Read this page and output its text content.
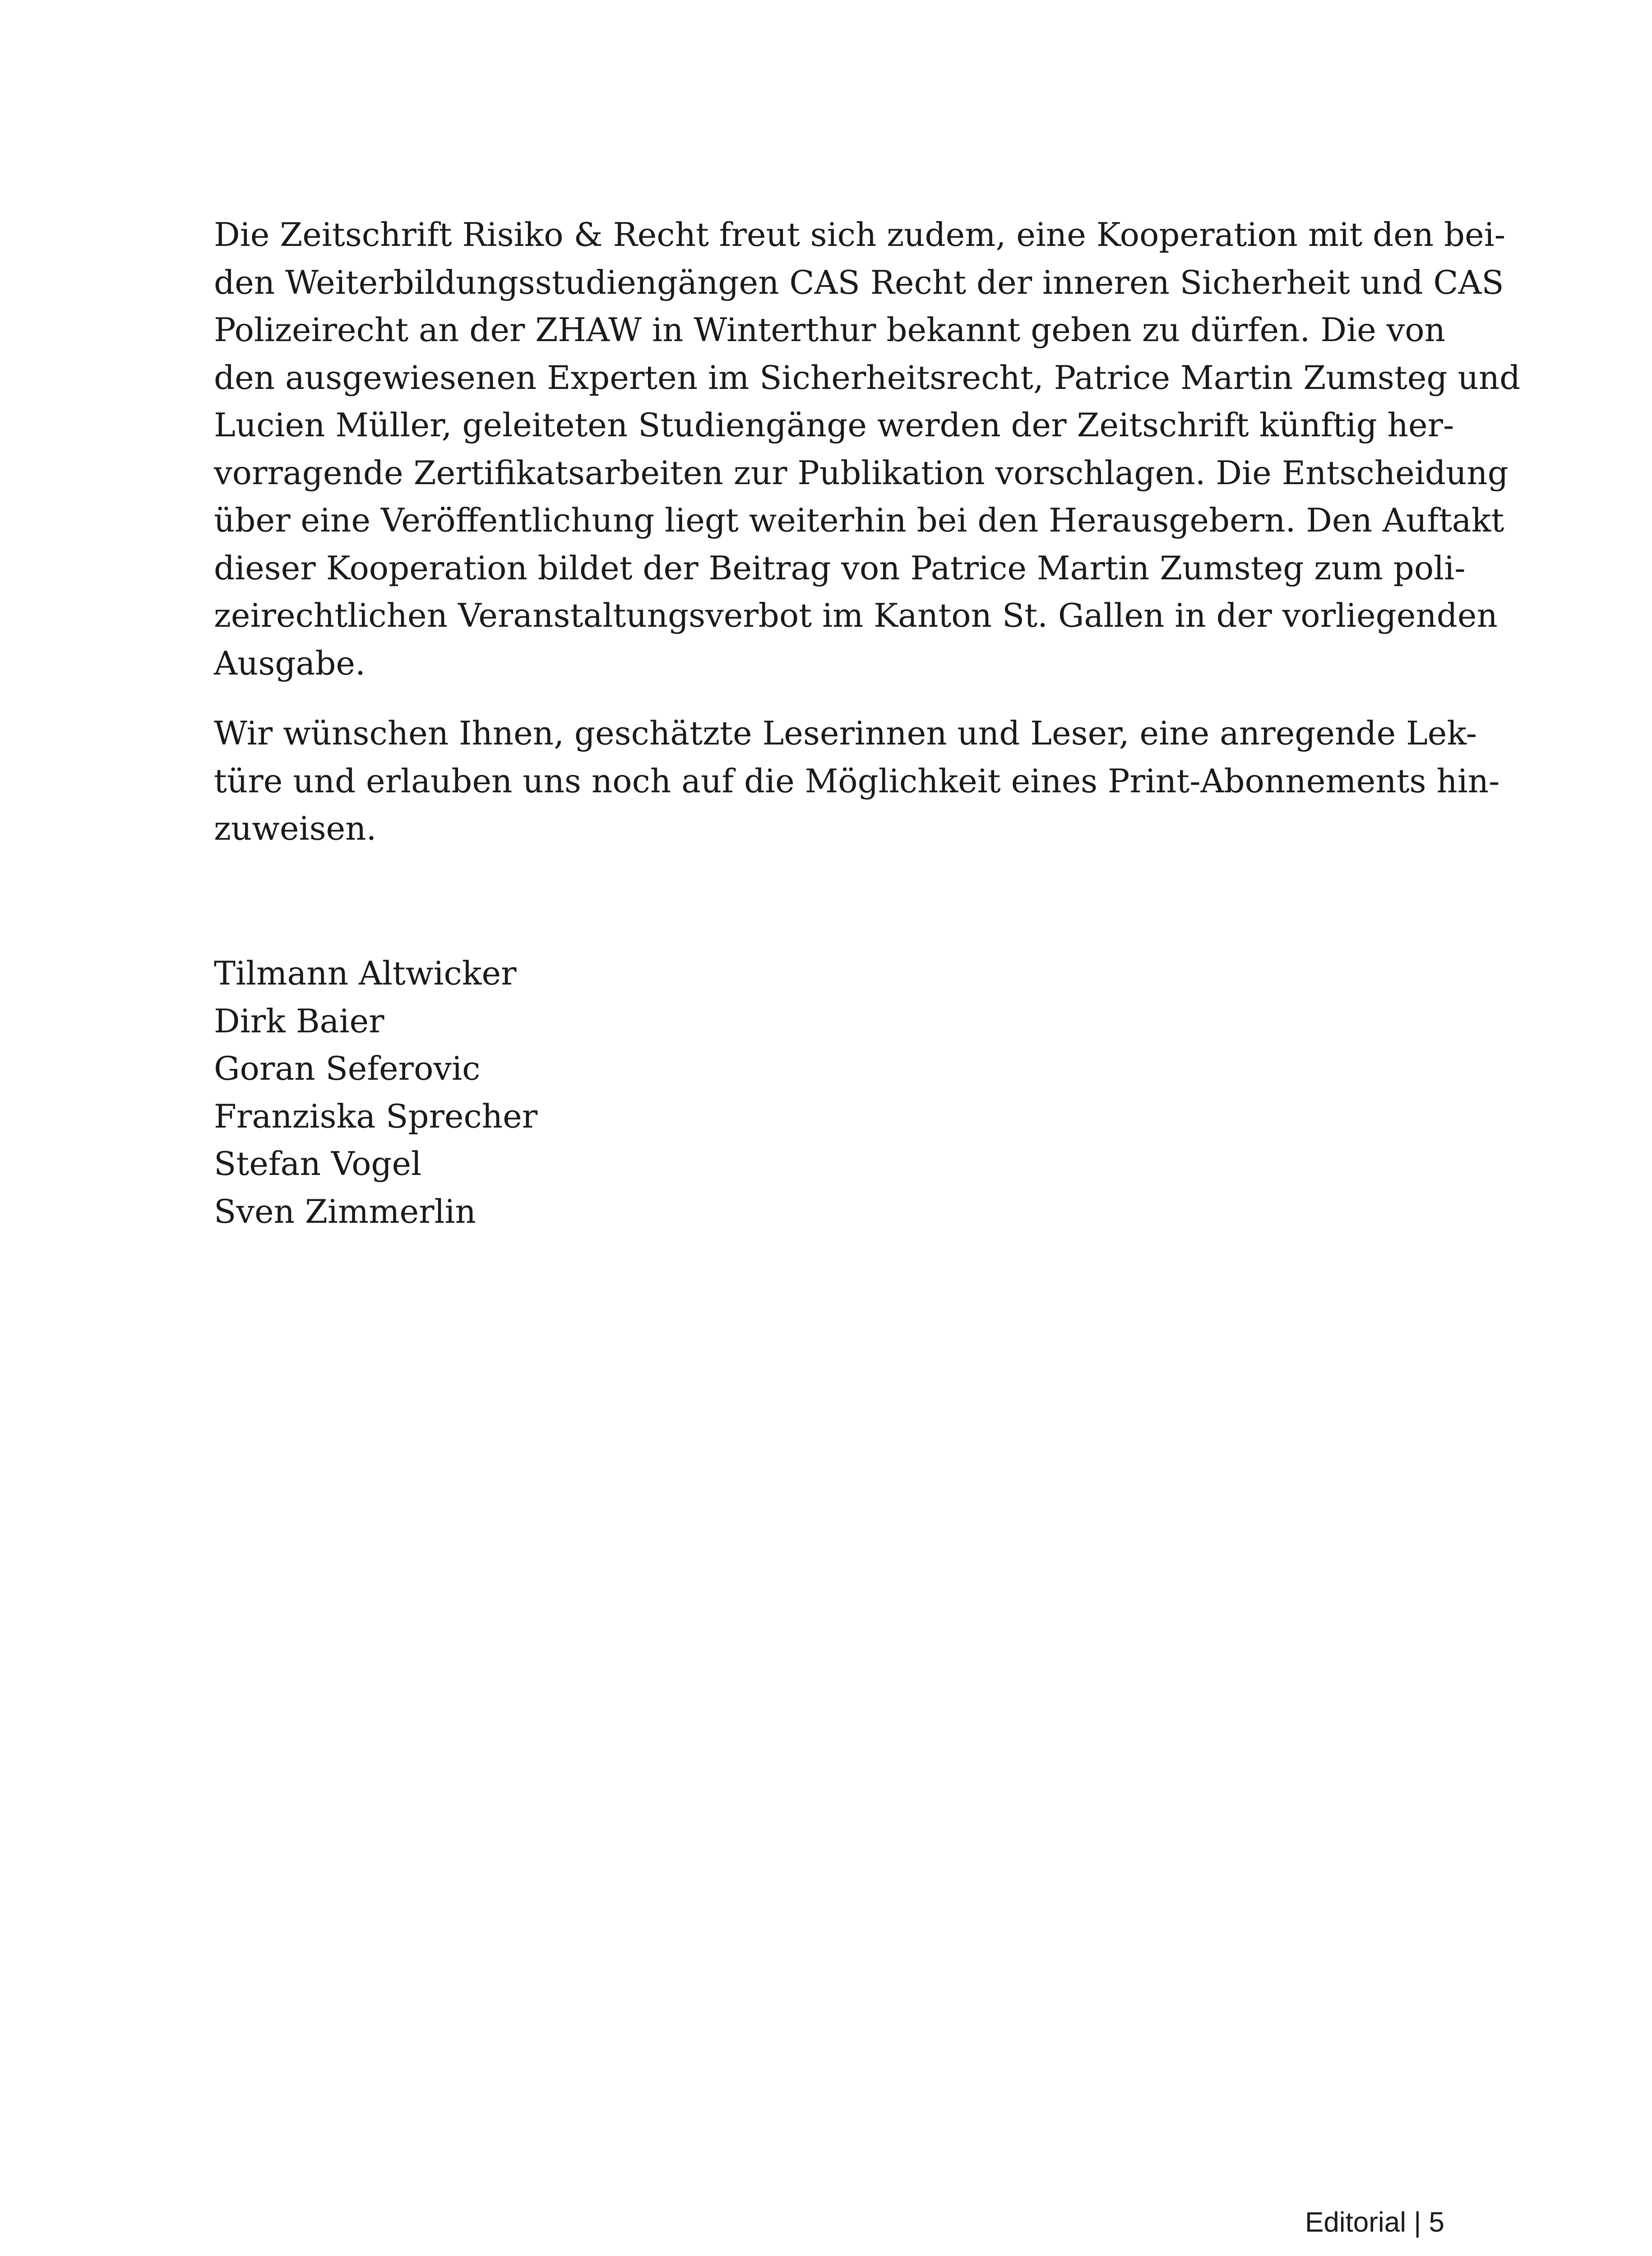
Die Zeitschrift Risiko & Recht freut sich zudem, eine Kooperation mit den bei-
den Weiterbildungsstudiengängen CAS Recht der inneren Sicherheit und CAS
Polizeirecht an der ZHAW in Winterthur bekannt geben zu dürfen. Die von
den ausgewiesenen Experten im Sicherheitsrecht, Patrice Martin Zumsteg und
Lucien Müller, geleiteten Studiengänge werden der Zeitschrift künftig her-
vorragende Zertifikatsarbeiten zur Publikation vorschlagen. Die Entscheidung
über eine Veröffentlichung liegt weiterhin bei den Herausgebern. Den Auftakt
dieser Kooperation bildet der Beitrag von Patrice Martin Zumsteg zum poli-
zeirechtlichen Veranstaltungsverbot im Kanton St. Gallen in der vorliegenden
Ausgabe.

Wir wünschen Ihnen, geschätzte Leserinnen und Leser, eine anregende Lek-
türe und erlauben uns noch auf die Möglichkeit eines Print-Abonnements hin-
zuweisen.

Tilmann Altwicker
Dirk Baier
Goran Seferovic
Franziska Sprecher
Stefan Vogel
Sven Zimmerlin
Editorial | 5
